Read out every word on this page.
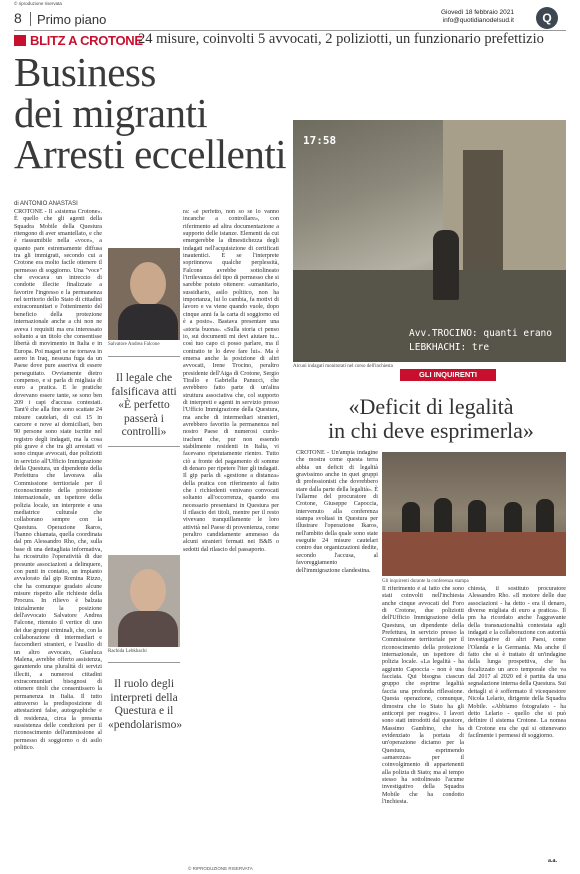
© riproduzione riservata
8 Primo piano	Giovedì 18 febbraio 2021
info@quotidianodelsud.it	Q
BLITZ A CROTONE
24 misure, coinvolti 5 avvocati, 2 poliziotti, un funzionario prefettizio
Business
dei migranti
Arresti eccellenti
di ANTONIO ANASTASI
CROTONE - Il «sistema Crotone». È quello che gli agenti della Squadra Mobile della Questura ritengono di aver smantellato, e che è riassumibile nella «voce», a quanto pare estremamente diffusa tra gli immigrati, secondo cui a Crotone era molto facile ottenere il permesso di soggiorno. Una "voce" che evocava un intreccio di condotte illecite finalizzate a favorire l'ingresso e la permanenza nel territorio dello Stato di cittadini extracomunitari e l'ottenimento del beneficio della protezione internazionale anche a chi non ne aveva i requisiti ma era interessato soltanto a un titolo che consentisse libertà di movimento in Italia e in Europa. Poi magari se ne tornava in aereo in Iraq, nessuna fuga da un Paese dove pure asseriva di essere perseguitato. Ovviamente dietro compenso, e si parla di migliaia di euro a pratica. E le pratiche dovevano essere tante, se sono ben 209 i capi d'accusa contestati. Tant'è che alla fine sono scattate 24 misure cautelari, di cui 15 in carcere e nove ai domiciliari, ben 90 persone sono state iscritte nel registro degli indagati, ma la cosa più grave è che tra gli arrestati vi sono cinque avvocati, due poliziotti in servizio all'Ufficio Immigrazione della Questura, un dipendente della Prefettura che lavorava alla Commissione territoriale per il riconoscimento della protezione internazionale, un ispettore della polizia locale, un interprete e una mediatrice culturale che collaborano sempre con la Questura. Operazione Ikaros, l'hanno chiamata, quella coordinata dal pm Alessandro Rho, che, sulla base di una dettagliata informativa, ha ricostruito l'operatività di due presunte associazioni a delinquere, con punti in contatto, un impianto avvalorato dal gip Romina Rizzo, che ha comunque gradato alcune misure rispetto alle richieste della Procura. In rilievo è balzata inizialmente la posizione dell'avvocato Salvatore Andrea Falcone, ritenuto il vertice di uno dei due gruppi criminali, che, con la collaborazione di intermediari e faccendieri stranieri, e l'ausilio di un altro avvocato, Gianluca Malena, avrebbe offerto assistenza, garantendo una pluralità di servizi illeciti, a numerosi cittadini extracomunitari bisognosi di ottenere titoli che consentissero la permanenza in Italia. Il tutto attraverso la predisposizione di attestazioni false, autographiche e di residenza, circa la presunta sussistenza delle condizioni per il riconoscimento dell'ammissione al permesso di soggiorno o di asilo politico.
Salvatore Andrea Falcone
Il legale che falsificava atti «È perfetto passerà i controlli»
Rachida Lebkhachi
Il ruolo degli interpreti della Questura e il «pendolarismo»
ra: «è perfetto, non so se lo vanno incanche a controllare», con riferimento ad altra documentazione a supporto delle istanze. Elementi da cui emergerebbe la dimestichezza degli indagati nell'acquisizione di certificati inautentici. E se l'interprete sopriinnova qualche perplessità, Falcone avrebbe sottolineato l'irrilevanza del tipo di permesso che si sarebbe potuto ottenere: «umanitario, sussidiario, asilo politico, non ha importanza, lui lo cambia, fa motivi di lavoro e va viene quando vuole, dopo cinque anni fa la carta di soggiorno ed è a posto». Bastava presentare una «storia buona». «Sulla storia ci penso io, sui documenti mi devi aiutare tu... così tuo capo ci posso parlare, ma il contratto te lo deve fare lui». Ma è emersa anche la posizione di altri avvocati, Irene Trocino, peraltro presidente dell'Aiga di Crotone, Sergio Tirallo e Gabriella Panucci, che avrebbero fatto parte di un'altra struttura associativa che, col supporto di interpreti e agenti in servizio presso l'Ufficio Immigrazione della Questura, ma anche di intermediari stranieri, avrebbero favorito la permanenza nel nostro Paese di numerosi curdo-iracheni che, pur non essendo stabilmente residenti in Italia, vi facevano ripetutamente rientro. Tutto ciò a fronte del pagamento di somme di denaro per ripetere l'iter gli indagati. Il gip parla di «gestione a distanza» della pratica con riferimento al fatto che i richiedenti venivano convocati soltanto all'occorrenza, quando era necessario presentarsi in Questura per il rilascio dei titoli, mentre per il resto vivevano tranquillamente le loro attività nel Paese di provenienza, come peraltro candidamente ammesso da alcuni stranieri fermati nei B&B o sedotti dal rilascio del passaporto.
17:58
Avv.TROCINO: quanti erano
LEBKHACHI: tre
Alcuni indagati monitorati nel corso dell'inchiesta
© RIPRODUZIONE RISERVATA
GLI INQUIRENTI
«Deficit di legalità
in chi deve esprimerla»
CROTONE - Un'ampia indagine che mostra come questa terra abbia un deficit di legalità gravissimo anche in quei gruppi di professionisti che dovrebbero stare dalla parte della legalità». È l'allarme del procuratore di Crotone, Giuseppe Capoccia, intervenuto alla conferenza stampa svoltasi in Questura per illustrare l'operazione Ikaros, nell'ambito della quale sono state eseguite 24 misure cautelari contro due organizzazioni dedite, secondo l'accusa, al favoreggiamento dell'immigrazione clandestina.
Gli inquirenti durante la conferenza stampa
Il riferimento è al fatto che sono stati coinvolti nell'inchiesta anche cinque avvocati del Foro di Crotone, due poliziotti dell'Ufficio Immigrazione della Questura, un dipendente della Prefettura, in servizio presso la Commissione territoriale per il riconoscimento della protezione internazionale, un ispettore di polizia locale. «La legalità - ha aggiunto Capoccia - non è una facciata. Qui bisogna ciascun gruppo che esprime legalità faccia una profonda riflessione. Questa operazione, comunque, dimostra che lo Stato ha gli anticorpi per reagire». I lavori sono stati introdotti dal questore, Massimo Gambino, che ha evidenziato la portata di un'operazione diciamo per la Questura, esprimendo «amarezza» per il coinvolgimento di appartenenti alla polizia di Stato; ma al tempo stesso ha sottolineato l'acume investigativo della Squadra Mobile che ha condotto l'inchiesta.
chiesta, il sostituto procuratore Alessandro Rho. «Il motore delle due associazioni - ha detto - era il denaro, diverse migliaia di euro a pratica». Il pm ha ricordato anche l'aggravante della transnazionalità contestata agli indagati e la collaborazione con autorità investigative di altri Paesi, come l'Olanda e la Germania. Ma anche il fatto che si è trattato di un'indagine dalla lunga prospettiva, che ha focalizzato un arco temporale che va dal 2017 al 2020 ed è partita da una segnalazione interna della Questura. Sui dettagli si è soffermato il vicequestore Nicola Lelario, dirigente della Squadra Mobile. «Abbiamo fotografato - ha detto Lelario - quello che si può definire il sistema Crotone. La nomea di Crotone era che qui si ottenevano facilmente i permessi di soggiorno.
a.a.
